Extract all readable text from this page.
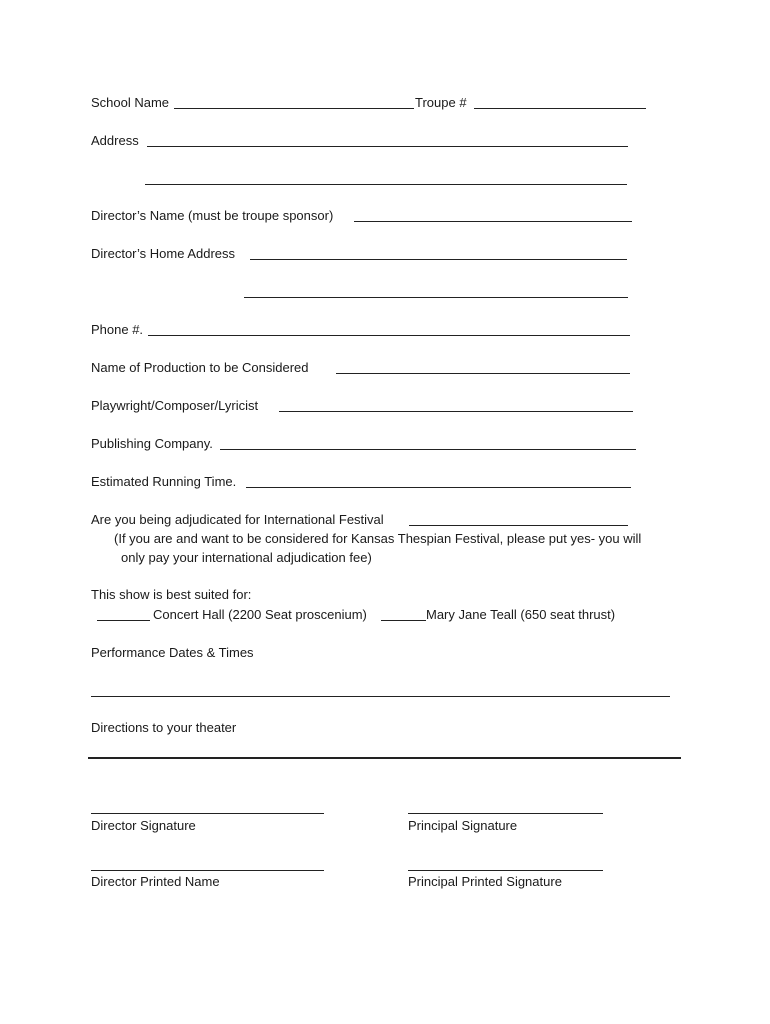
School Name	Troupe #
Address
Director’s Name (must be troupe sponsor)
Director’s Home Address
Phone #.
Name of Production to be Considered
Playwright/Composer/Lyricist
Publishing Company.
Estimated Running Time.
Are you being adjudicated for International Festival
(If you are and want to be considered for Kansas Thespian Festival, please put yes- you will
only pay your international adjudication fee)
This show is best suited for:
Concert Hall (2200 Seat proscenium)	Mary Jane Teall (650 seat thrust)
Performance Dates & Times
Directions to your theater
Director Signature	Principal Signature
Director Printed Name	Principal Printed Signature
